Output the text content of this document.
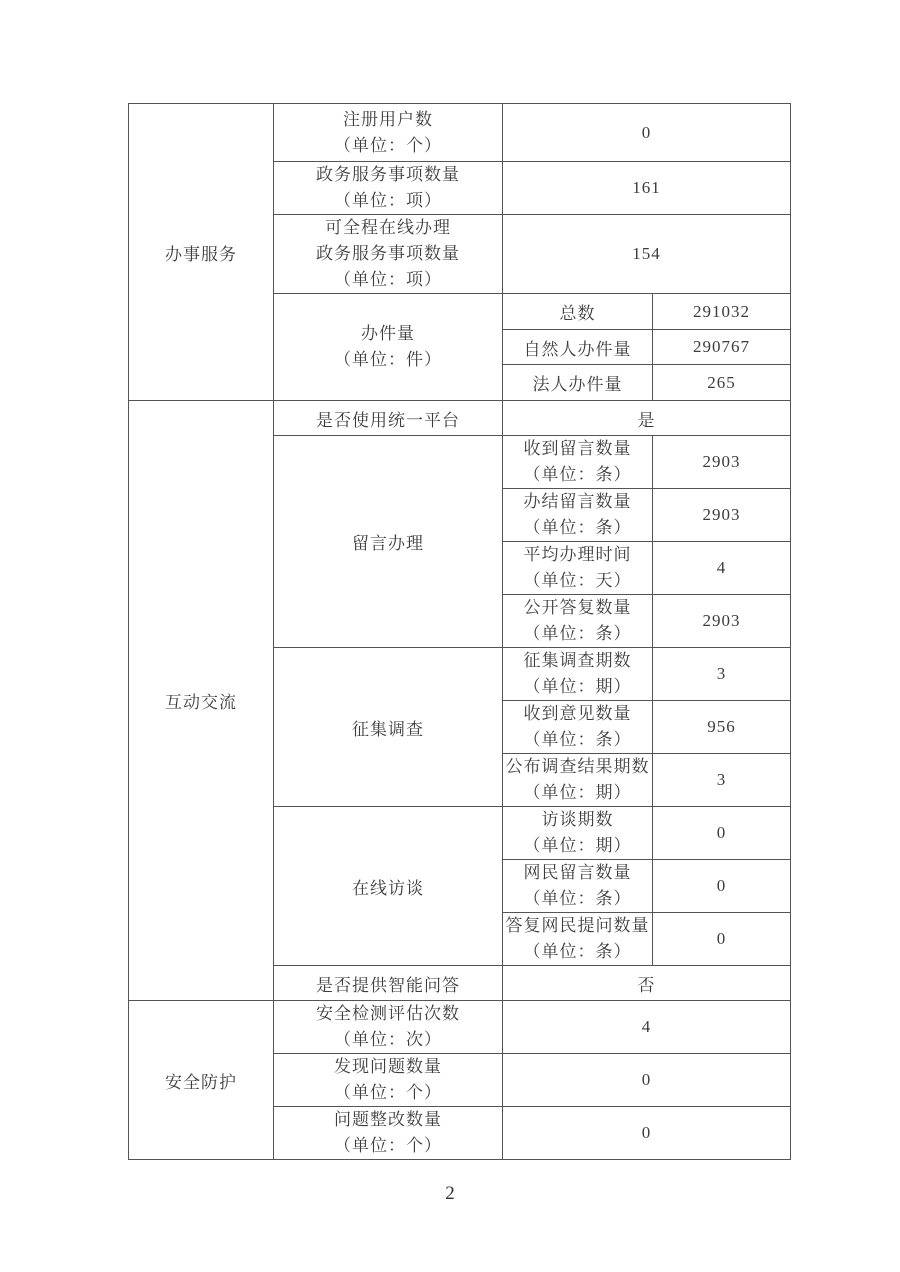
办事服务	注册用户数
（单位：个）	0	

	政务服务事项数量
（单位：项）	161	

	可全程在线办理
政务服务事项数量
（单位：项）	154	

	办件量
（单位：件）	总数	291032
		自然人办件量	290767
		法人办件量	265
互动交流	是否使用统一平台	是	
	留言办理	收到留言数量
（单位：条）	2903

		办结留言数量
（单位：条）	2903

		平均办理时间
（单位：天）	4

		公开答复数量
（单位：条）	2903
	征集调查	征集调查期数
（单位：期）	3

		收到意见数量
（单位：条）	956

		公布调查结果期数
（单位：期）	3
	在线访谈	访谈期数
（单位：期）	0

		网民留言数量
（单位：条）	0

		答复网民提问数量
（单位：条）	0
	是否提供智能问答	否	
安全防护	安全检测评估次数
（单位：次）	4	

	发现问题数量
（单位：个）	0	

	问题整改数量
（单位：个）	0	
2
